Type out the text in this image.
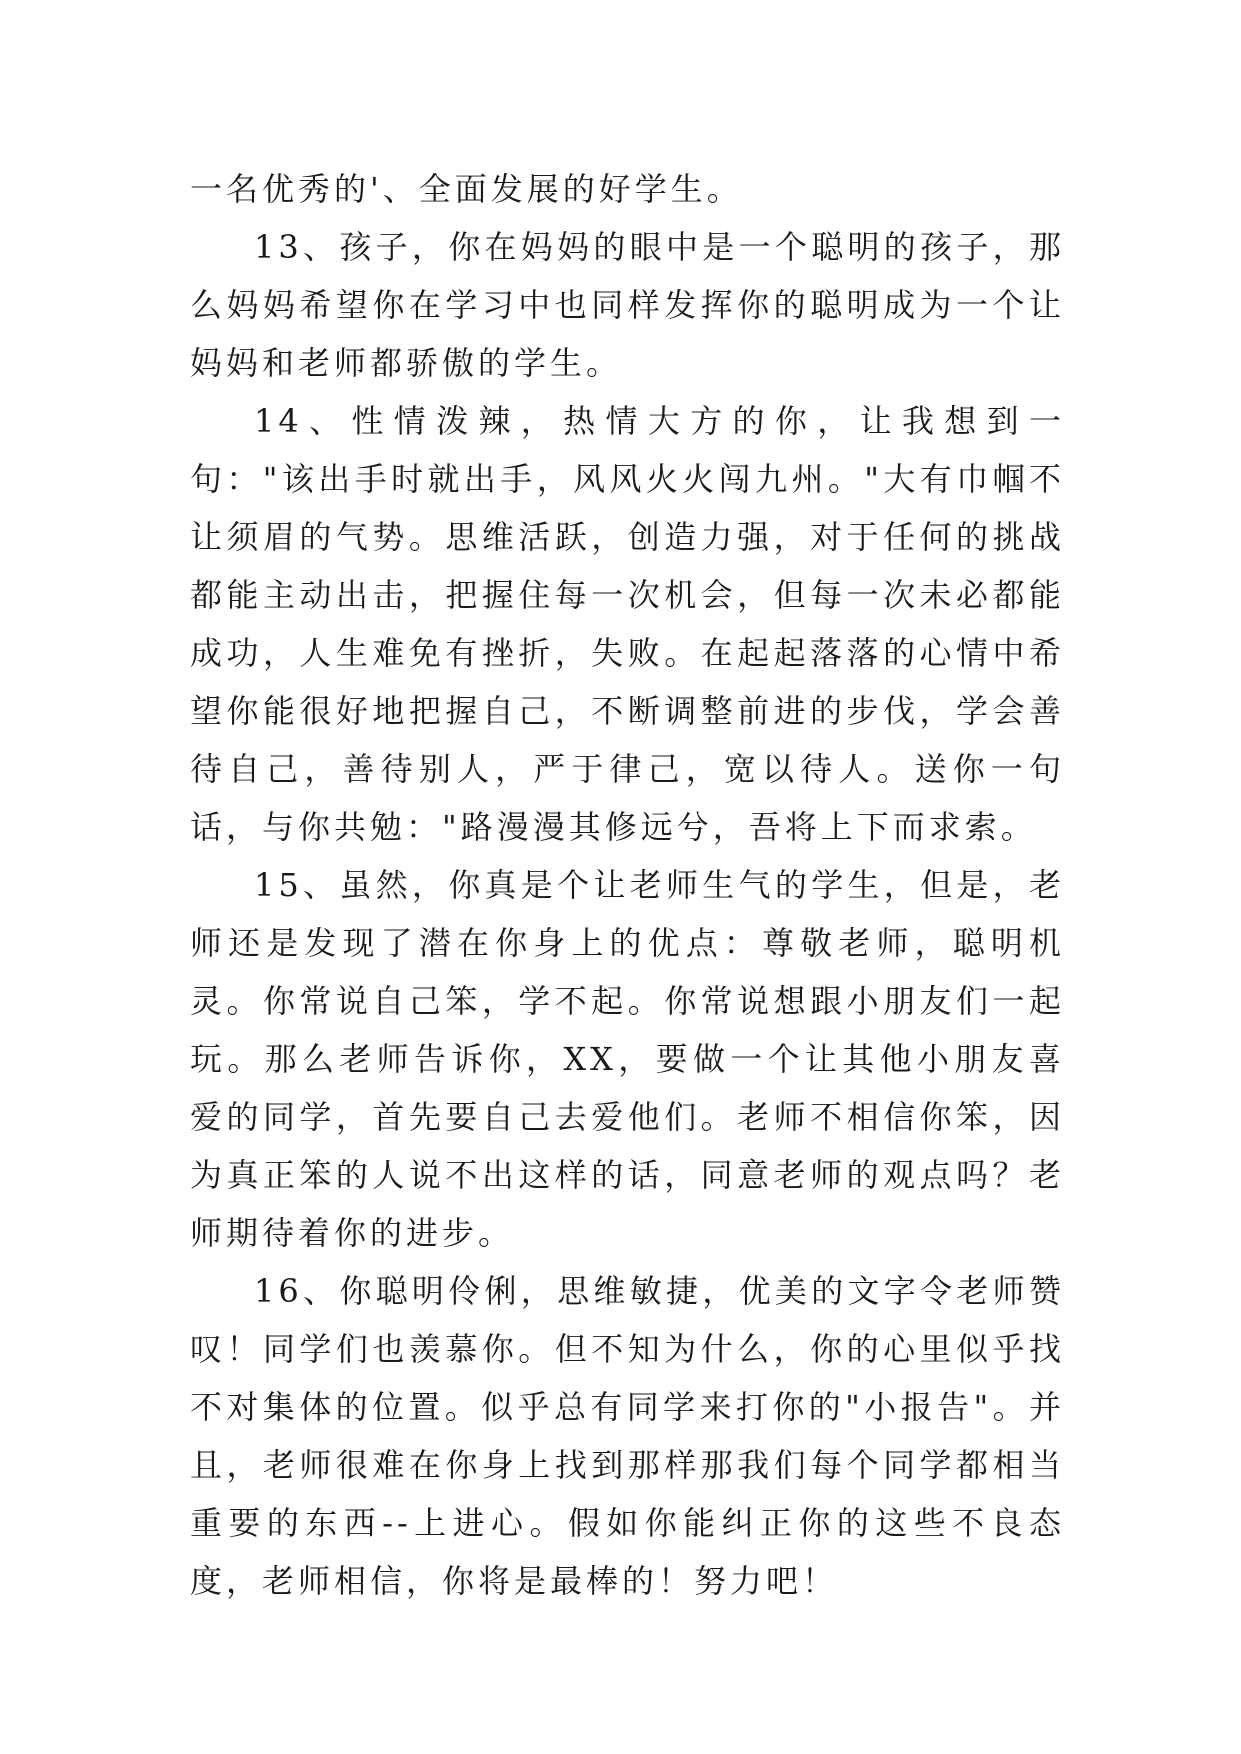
一名优秀的'、全面发展的好学生。

13、孩子，你在妈妈的眼中是一个聪明的孩子，那么妈妈希望你在学习中也同样发挥你的聪明成为一个让妈妈和老师都骄傲的学生。

14、性情泼辣，热情大方的你，让我想到一句："该出手时就出手，风风火火闯九州。"大有巾帼不让须眉的气势。思维活跃，创造力强，对于任何的挑战都能主动出击，把握住每一次机会，但每一次未必都能成功，人生难免有挫折，失败。在起起落落的心情中希望你能很好地把握自己，不断调整前进的步伐，学会善待自己，善待别人，严于律己，宽以待人。送你一句话，与你共勉："路漫漫其修远兮，吾将上下而求索。

15、虽然，你真是个让老师生气的学生，但是，老师还是发现了潜在你身上的优点：尊敬老师，聪明机灵。你常说自己笨，学不起。你常说想跟小朋友们一起玩。那么老师告诉你，XX，要做一个让其他小朋友喜爱的同学，首先要自己去爱他们。老师不相信你笨，因为真正笨的人说不出这样的话，同意老师的观点吗？老师期待着你的进步。

16、你聪明伶俐，思维敏捷，优美的文字令老师赞叹！同学们也羡慕你。但不知为什么，你的心里似乎找不对集体的位置。似乎总有同学来打你的"小报告"。并且，老师很难在你身上找到那样那我们每个同学都相当重要的东西--上进心。假如你能纠正你的这些不良态度，老师相信，你将是最棒的！努力吧！
